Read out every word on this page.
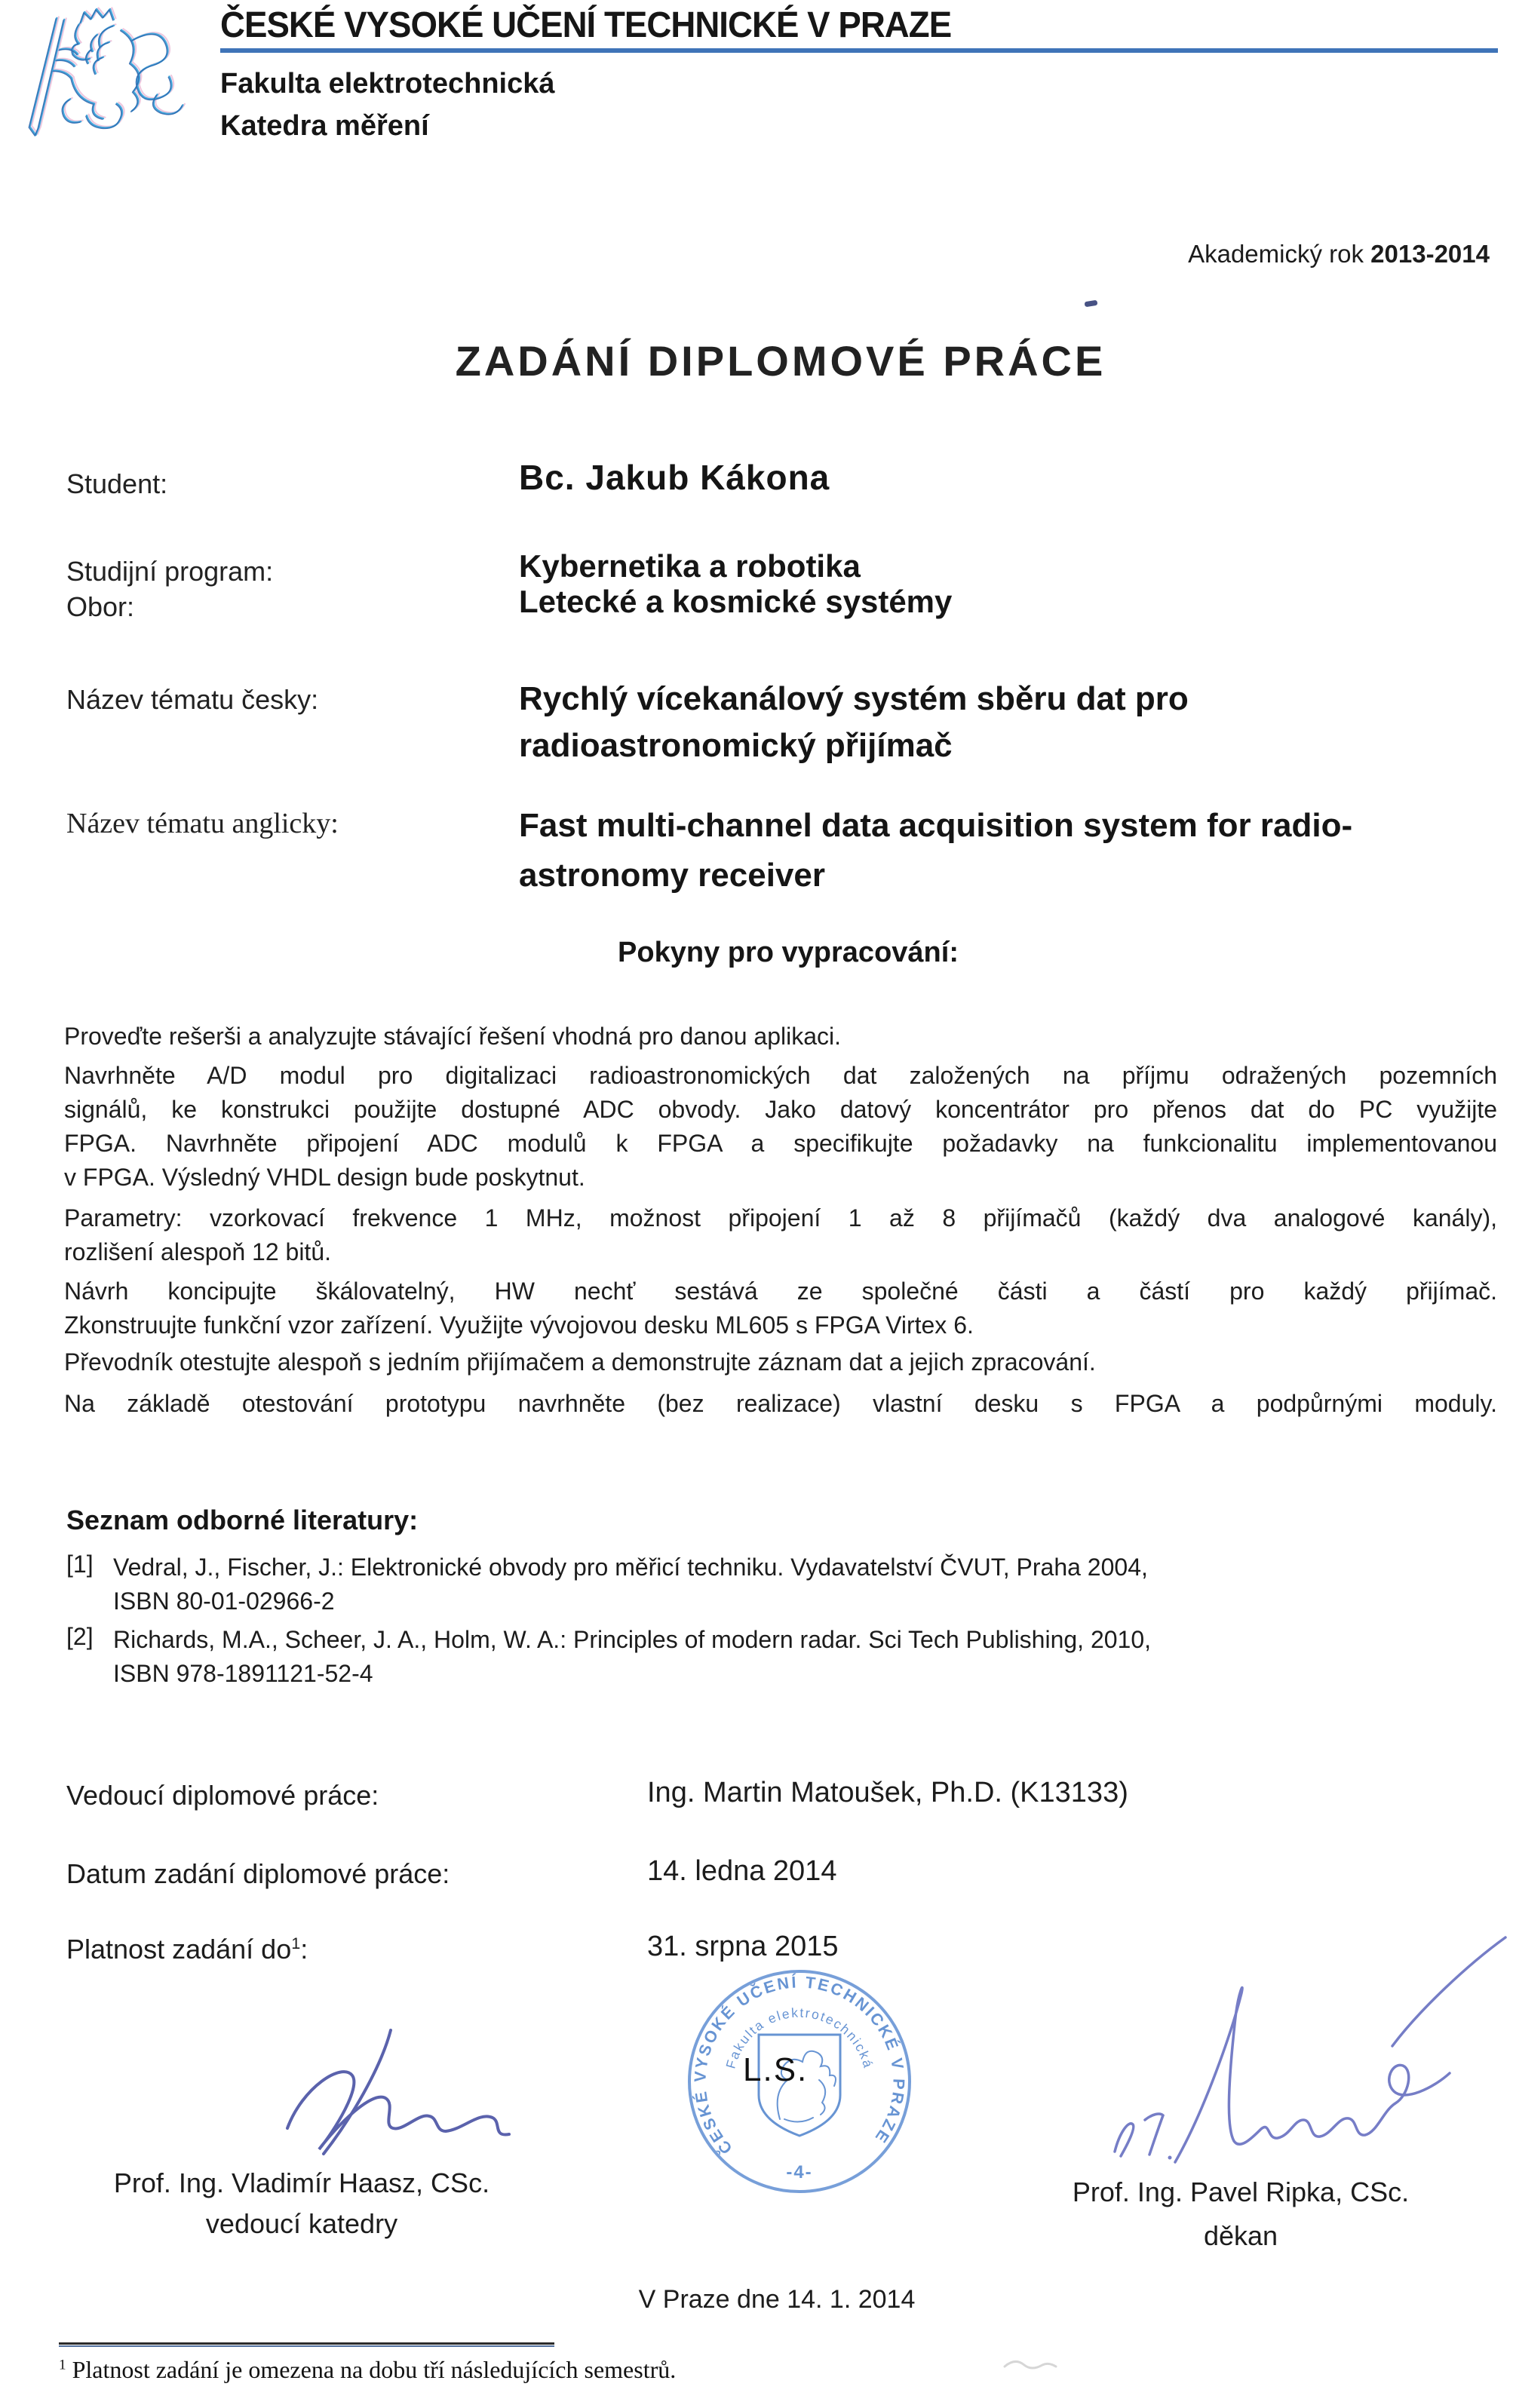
ČESKÉ VYSOKÉ UČENÍ TECHNICKÉ V PRAZE
Fakulta elektrotechnická
Katedra měření
Akademický rok 2013-2014
ZADÁNÍ DIPLOMOVÉ PRÁCE
Student:	Bc. Jakub Kákona
Studijní program:	Kybernetika a robotika
Obor:	Letecké a kosmické systémy
Název tématu česky:	Rychlý vícekanálový systém sběru dat pro
radioastronomický přijímač
Název tématu anglicky:	Fast multi-channel data acquisition system for radio-
astronomy receiver
Pokyny pro vypracování:
Proveďte rešerši a analyzujte stávající řešení vhodná pro danou aplikaci.
Navrhněte A/D modul pro digitalizaci radioastronomických dat založených na příjmu odražených pozemních
signálů, ke konstrukci použijte dostupné ADC obvody. Jako datový koncentrátor pro přenos dat do PC využijte
FPGA. Navrhněte připojení ADC modulů k FPGA a specifikujte požadavky na funkcionalitu implementovanou
v FPGA. Výsledný VHDL design bude poskytnut.
Parametry: vzorkovací frekvence 1 MHz, možnost připojení 1 až 8 přijímačů (každý dva analogové kanály),
rozlišení alespoň 12 bitů.
Návrh koncipujte škálovatelný, HW nechť sestává ze společné části a částí pro každý přijímač.
Zkonstruujte funkční vzor zařízení. Využijte vývojovou desku ML605 s FPGA Virtex 6.
Převodník otestujte alespoň s jedním přijímačem a demonstrujte záznam dat a jejich zpracování.
Na základě otestování prototypu navrhněte (bez realizace) vlastní desku s FPGA a podpůrnými moduly.
Seznam odborné literatury:
[1] Vedral, J., Fischer, J.: Elektronické obvody pro měřicí techniku. Vydavatelství ČVUT, Praha 2004,
ISBN 80-01-02966-2
[2] Richards, M.A., Scheer, J. A., Holm, W. A.: Principles of modern radar. Sci Tech Publishing, 2010,
ISBN 978-1891121-52-4
Vedoucí diplomové práce:	Ing. Martin Matoušek, Ph.D. (K13133)
Datum zadání diplomové práce:	14. ledna 2014
Platnost zadání do$^1$:	31. srpna 2015
ČESKÉ VYSOKÉ UČENÍ TECHNICKÉ V PRAZE
Fakulta elektrotechnická
-4-
L.S.
Prof. Ing. Vladimír Haasz, CSc.
vedoucí katedry
Prof. Ing. Pavel Ripka, CSc.
děkan
V Praze dne 14. 1. 2014
$^1$ Platnost zadání je omezena na dobu tří následujících semestrů.
